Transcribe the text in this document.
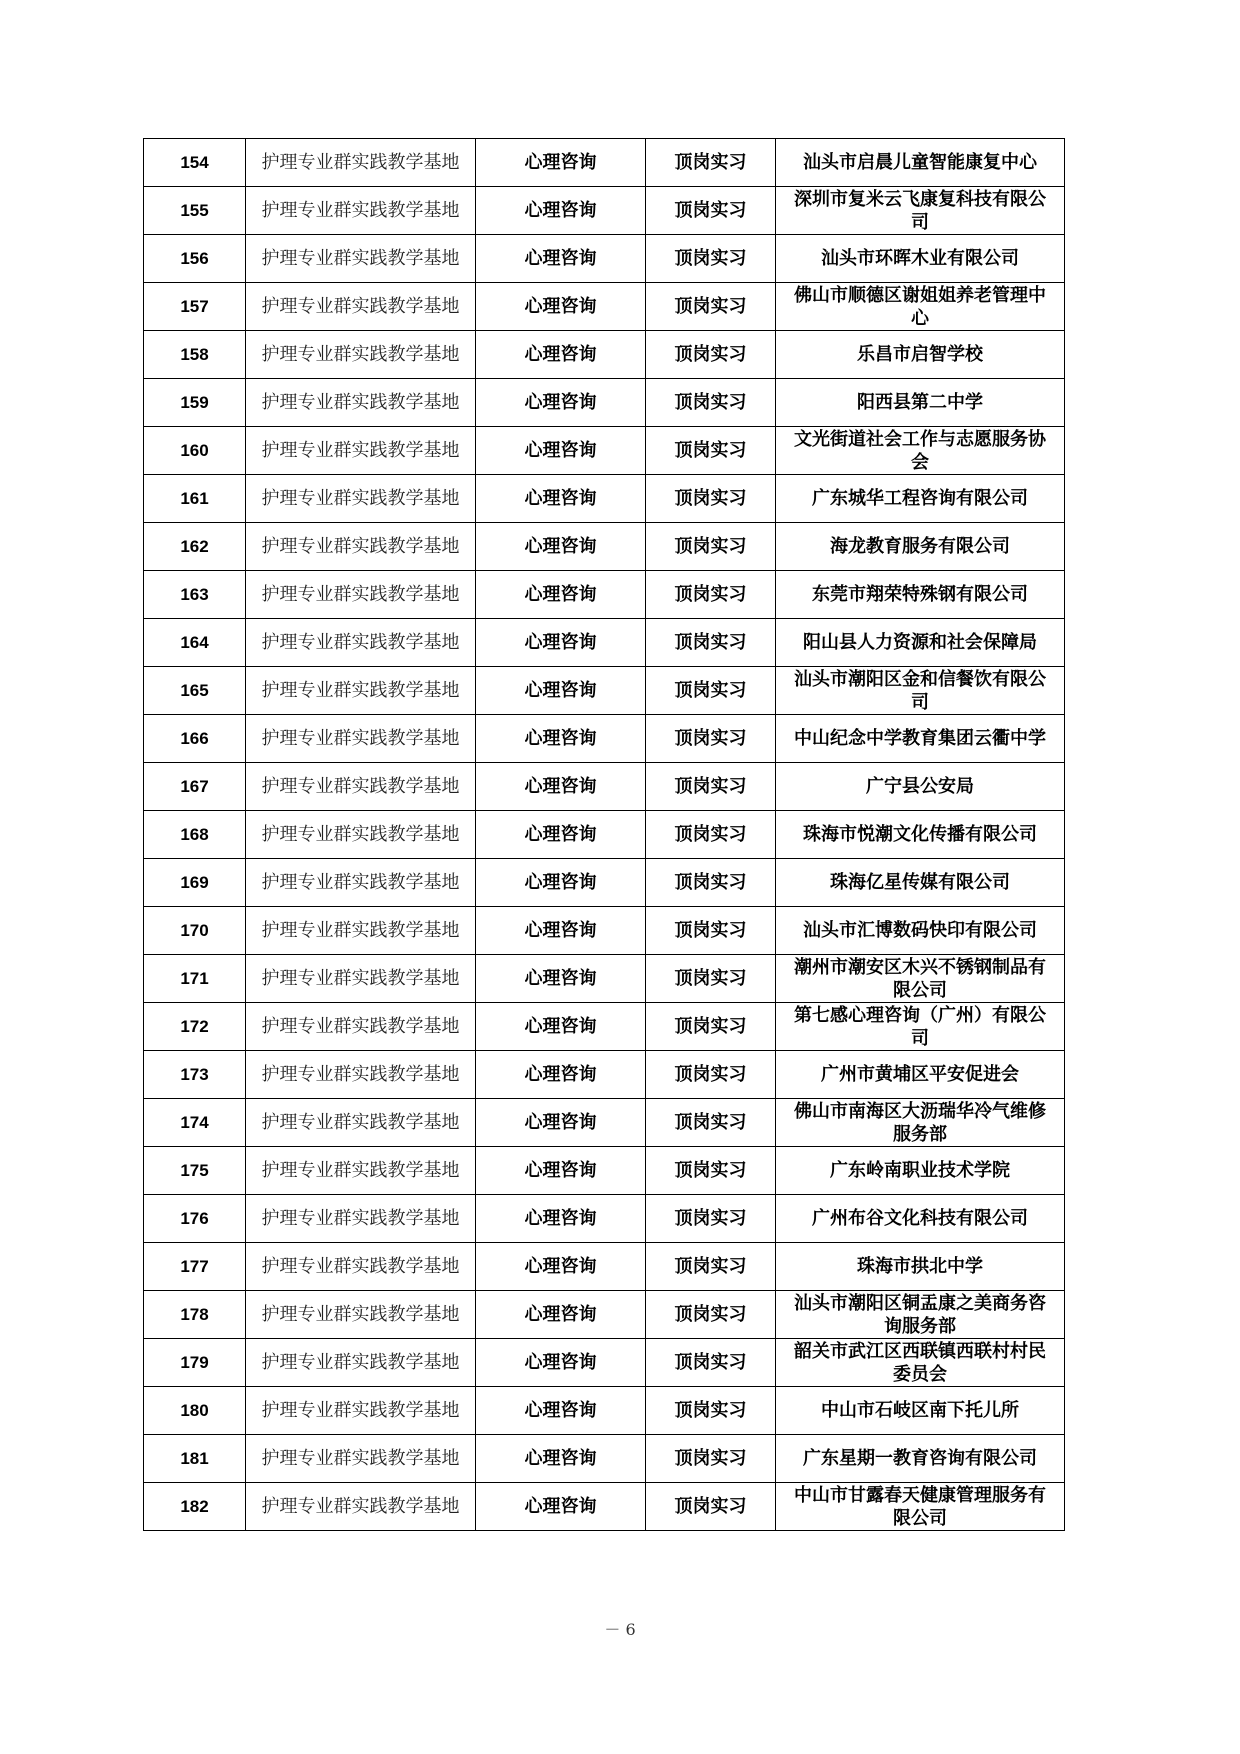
154	护理专业群实践教学基地	心理咨询	顶岗实习	汕头市启晨儿童智能康复中心
155	护理专业群实践教学基地	心理咨询	顶岗实习	深圳市复米云飞康复科技有限公司
156	护理专业群实践教学基地	心理咨询	顶岗实习	汕头市环晖木业有限公司
157	护理专业群实践教学基地	心理咨询	顶岗实习	佛山市顺德区谢姐姐养老管理中心
158	护理专业群实践教学基地	心理咨询	顶岗实习	乐昌市启智学校
159	护理专业群实践教学基地	心理咨询	顶岗实习	阳西县第二中学
160	护理专业群实践教学基地	心理咨询	顶岗实习	文光街道社会工作与志愿服务协会
161	护理专业群实践教学基地	心理咨询	顶岗实习	广东城华工程咨询有限公司
162	护理专业群实践教学基地	心理咨询	顶岗实习	海龙教育服务有限公司
163	护理专业群实践教学基地	心理咨询	顶岗实习	东莞市翔荣特殊钢有限公司
164	护理专业群实践教学基地	心理咨询	顶岗实习	阳山县人力资源和社会保障局
165	护理专业群实践教学基地	心理咨询	顶岗实习	汕头市潮阳区金和信餐饮有限公司
166	护理专业群实践教学基地	心理咨询	顶岗实习	中山纪念中学教育集团云衢中学
167	护理专业群实践教学基地	心理咨询	顶岗实习	广宁县公安局
168	护理专业群实践教学基地	心理咨询	顶岗实习	珠海市悦潮文化传播有限公司
169	护理专业群实践教学基地	心理咨询	顶岗实习	珠海亿星传媒有限公司
170	护理专业群实践教学基地	心理咨询	顶岗实习	汕头市汇博数码快印有限公司
171	护理专业群实践教学基地	心理咨询	顶岗实习	潮州市潮安区木兴不锈钢制品有限公司
172	护理专业群实践教学基地	心理咨询	顶岗实习	第七感心理咨询（广州）有限公司
173	护理专业群实践教学基地	心理咨询	顶岗实习	广州市黄埔区平安促进会
174	护理专业群实践教学基地	心理咨询	顶岗实习	佛山市南海区大沥瑞华冷气维修服务部
175	护理专业群实践教学基地	心理咨询	顶岗实习	广东岭南职业技术学院
176	护理专业群实践教学基地	心理咨询	顶岗实习	广州布谷文化科技有限公司
177	护理专业群实践教学基地	心理咨询	顶岗实习	珠海市拱北中学
178	护理专业群实践教学基地	心理咨询	顶岗实习	汕头市潮阳区铜盂康之美商务咨询服务部
179	护理专业群实践教学基地	心理咨询	顶岗实习	韶关市武江区西联镇西联村村民委员会
180	护理专业群实践教学基地	心理咨询	顶岗实习	中山市石岐区南下托儿所
181	护理专业群实践教学基地	心理咨询	顶岗实习	广东星期一教育咨询有限公司
182	护理专业群实践教学基地	心理咨询	顶岗实习	中山市甘露春天健康管理服务有限公司
－ 6
